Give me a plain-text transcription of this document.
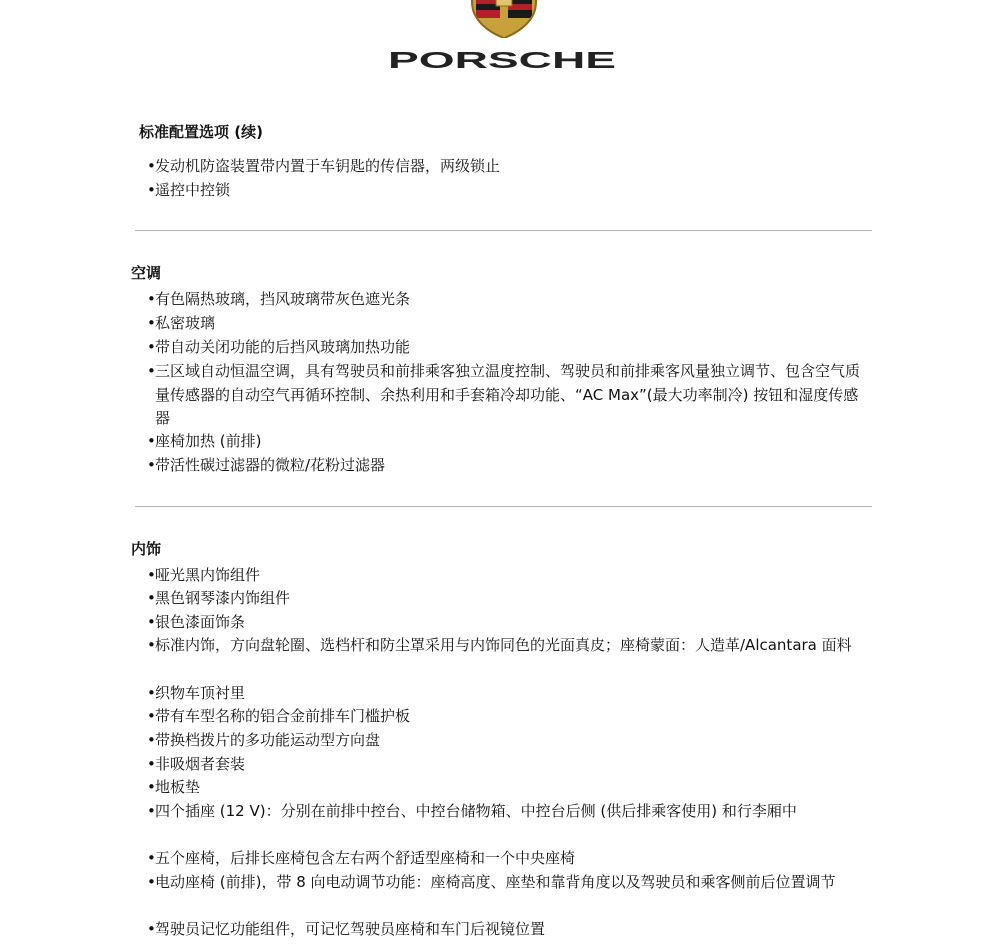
PORSCHE
标准配置选项 (续)
• 发动机防盗装置带内置于车钥匙的传信器，两级锁止
• 遥控中控锁
空调
• 有色隔热玻璃，挡风玻璃带灰色遮光条
• 私密玻璃
• 带自动关闭功能的后挡风玻璃加热功能
• 三区域自动恒温空调，具有驾驶员和前排乘客独立温度控制、驾驶员和前排乘客风量独立调节、包含空气质量传感器的自动空气再循环控制、余热利用和手套箱冷却功能、“AC Max”(最大功率制冷) 按钮和湿度传感器
• 座椅加热 (前排)
• 带活性碳过滤器的微粒/花粉过滤器
内饰
• 哑光黑内饰组件
• 黑色钢琴漆内饰组件
• 银色漆面饰条
• 标准内饰，方向盘轮圈、选档杆和防尘罩采用与内饰同色的光面真皮；座椅蒙面：人造革/Alcantara 面料
• 织物车顶衬里
• 带有车型名称的铝合金前排车门槛护板
• 带换档拨片的多功能运动型方向盘
• 非吸烟者套装
• 地板垫
• 四个插座 (12 V)：分别在前排中控台、中控台储物箱、中控台后侧 (供后排乘客使用) 和行李厢中
• 五个座椅，后排长座椅包含左右两个舒适型座椅和一个中央座椅
• 电动座椅 (前排)，带 8 向电动调节功能：座椅高度、座垫和靠背角度以及驾驶员和乘客侧前后位置调节
• 驾驶员记忆功能组件，可记忆驾驶员座椅和车门后视镜位置
